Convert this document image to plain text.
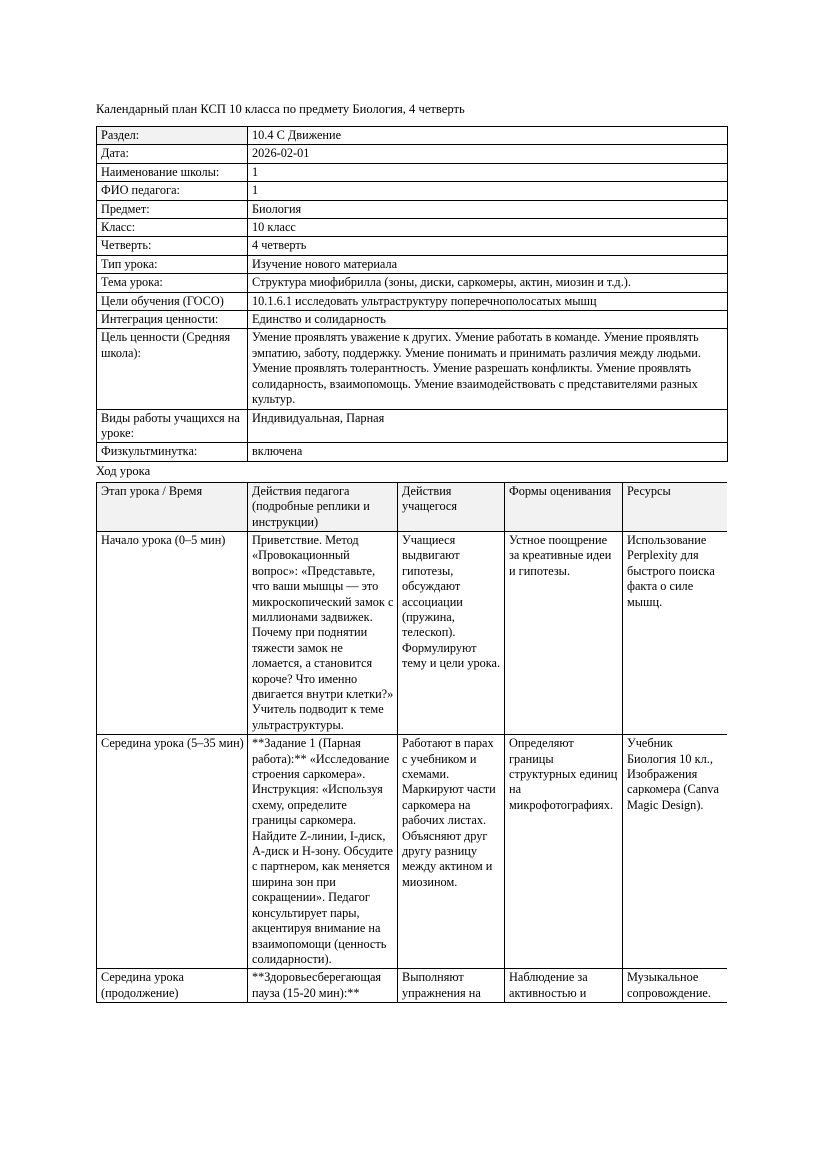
Календарный план КСП 10 класса по предмету Биология, 4 четверть
Раздел:	10.4 C Движение
Дата:	2026-02-01
Наименование школы:	1
ФИО педагога:	1
Предмет:	Биология
Класс:	10 класс
Четверть:	4 четверть
Тип урока:	Изучение нового материала
Тема урока:	Структура миофибрилла (зоны, диски, саркомеры, актин, миозин и т.д.).
Цели обучения (ГОСО)	10.1.6.1 исследовать ультраструктуру поперечнополосатых мышц
Интеграция ценности:	Единство и солидарность
Цель ценности (Средняя школа):	Умение проявлять уважение к других. Умение работать в команде. Умение проявлять эмпатию, заботу, поддержку. Умение понимать и принимать различия между людьми. Умение проявлять толерантность. Умение разрешать конфликты. Умение проявлять солидарность, взаимопомощь. Умение взаимодействовать с представителями разных культур.
Виды работы учащихся на уроке:	Индивидуальная, Парная
Физкультминутка:	включена
Ход урока
Этап урока / Время	Действия педагога (подробные реплики и инструкции)	Действия учащегося	Формы оценивания	Ресурсы
Начало урока (0–5 мин)	Приветствие. Метод «Провокационный вопрос»: «Представьте, что ваши мышцы — это микроскопический замок с миллионами задвижек. Почему при поднятии тяжести замок не ломается, а становится короче? Что именно двигается внутри клетки?» Учитель подводит к теме ультраструктуры.	Учащиеся выдвигают гипотезы, обсуждают ассоциации (пружина, телескоп). Формулируют тему и цели урока.	Устное поощрение за креативные идеи и гипотезы.	Использование Perplexity для быстрого поиска факта о силе мышц.
Середина урока (5–35 мин)	**Задание 1 (Парная работа):** «Исследование строения саркомера». Инструкция: «Используя схему, определите границы саркомера. Найдите Z-линии, I-диск, А-диск и Н-зону. Обсудите с партнером, как меняется ширина зон при сокращении». Педагог консультирует пары, акцентируя внимание на взаимопомощи (ценность солидарности).	Работают в парах с учебником и схемами. Маркируют части саркомера на рабочих листах. Объясняют друг другу разницу между актином и миозином.	Определяют границы структурных единиц на микрофотографиях.	Учебник Биология 10 кл., Изображения саркомера (Canva Magic Design).
Середина урока (продолжение)	**Здоровьесберегающая пауза (15-20 мин):**	Выполняют упражнения на	Наблюдение за активностью и	Музыкальное сопровождение.
